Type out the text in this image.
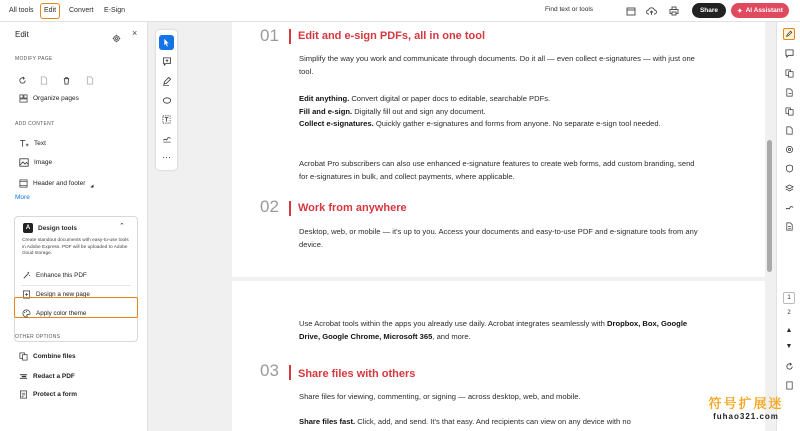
All tools	Edit	Convert	E-Sign	Find text or tools	Share	✦ AI Assistant
Edit	×
MODIFY PAGE
Organize pages
ADD CONTENT
Text
Image
Header and footer ◢
More
A	Design tools	⌃
Create standout documents with easy-to-use tools in Adobe Express. PDF will be uploaded to Adobe cloud storage.
Enhance this PDF
Design a new page
Apply color theme
OTHER OPTIONS
Combine files
Redact a PDF
Protect a form
⋯
01 Edit and e-sign PDFs, all in one tool
Simplify the way you work and communicate through documents. Do it all — even collect e-signatures — with just one tool.
Edit anything. Convert digital or paper docs to editable, searchable PDFs.
Fill and e-sign. Digitally fill out and sign any document.
Collect e-signatures. Quickly gather e-signatures and forms from anyone. No separate e-sign tool needed.
Acrobat Pro subscribers can also use enhanced e-signature features to create web forms, add custom branding, send for e-signatures in bulk, and collect payments, where applicable.
02 Work from anywhere
Desktop, web, or mobile — it's up to you. Access your documents and easy-to-use PDF and e-signature tools from any device.
Use Acrobat tools within the apps you already use daily. Acrobat integrates seamlessly with Dropbox, Box, Google Drive, Google Chrome, Microsoft 365, and more.
03 Share files with others
Share files for viewing, commenting, or signing — across desktop, web, and mobile.
Share files fast. Click, add, and send. It's that easy. And recipients can view on any device with no
1
2
▲
▼
符号扩展迷
fuhao321.com
